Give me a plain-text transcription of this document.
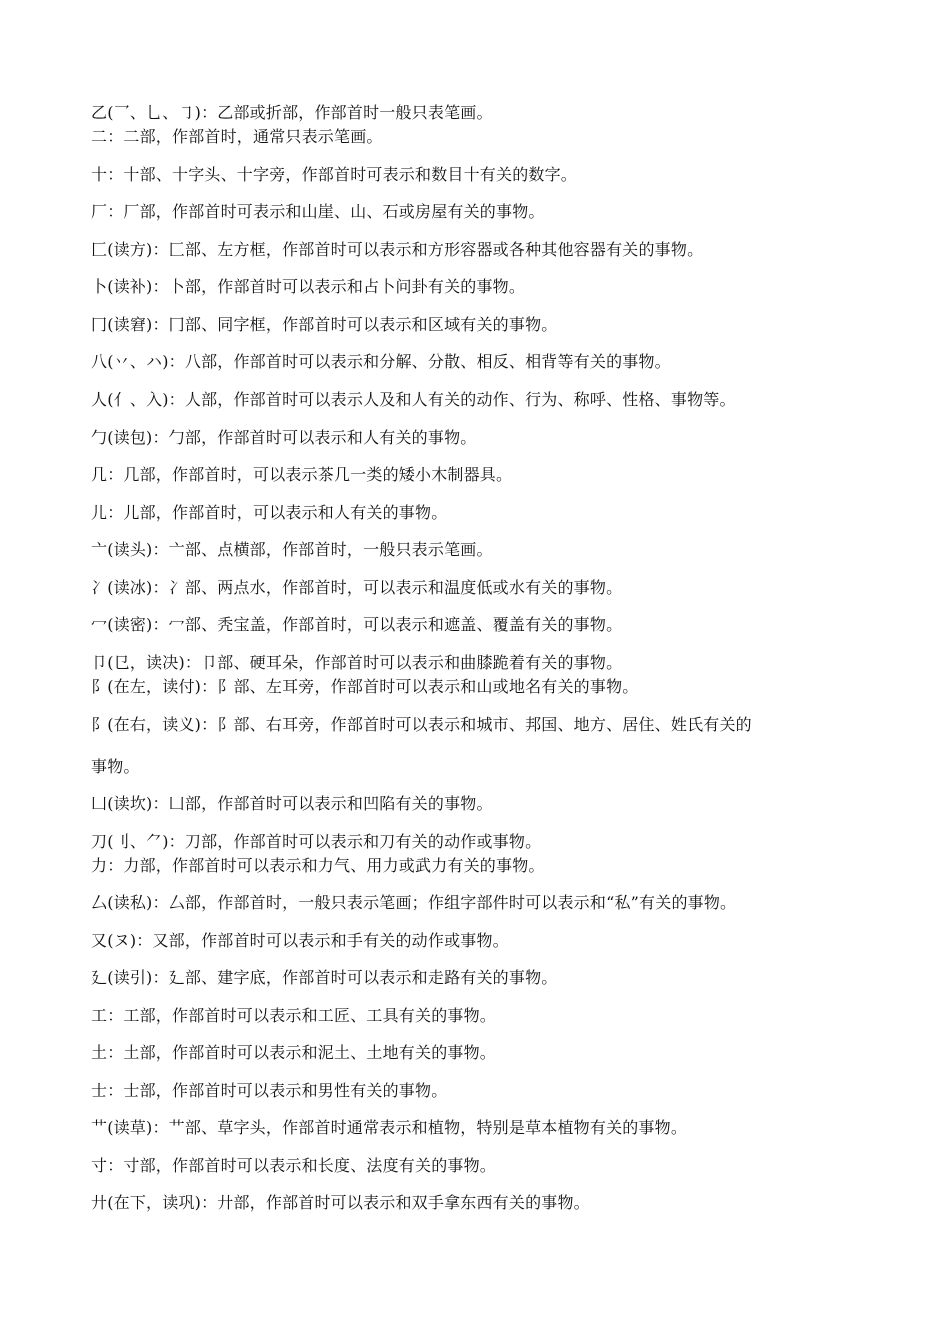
乙(乛、乚、㇆)：乙部或折部，作部首时一般只表笔画。
二：二部，作部首时，通常只表示笔画。
十：十部、十字头、十字旁，作部首时可表示和数目十有关的数字。
厂：厂部，作部首时可表示和山崖、山、石或房屋有关的事物。
匚(读方)：匚部、左方框，作部首时可以表示和方形容器或各种其他容器有关的事物。
卜(读补)：卜部，作部首时可以表示和占卜问卦有关的事物。
冂(读窘)：冂部、同字框，作部首时可以表示和区域有关的事物。
八(丷、ハ)：八部，作部首时可以表示和分解、分散、相反、相背等有关的事物。
人(亻、入)：人部，作部首时可以表示人及和人有关的动作、行为、称呼、性格、事物等。
勹(读包)：勹部，作部首时可以表示和人有关的事物。
几：几部，作部首时，可以表示茶几一类的矮小木制器具。
儿：儿部，作部首时，可以表示和人有关的事物。
亠(读头)：亠部、点横部，作部首时，一般只表示笔画。
冫(读冰)：冫部、两点水，作部首时，可以表示和温度低或水有关的事物。
冖(读密)：冖部、秃宝盖，作部首时，可以表示和遮盖、覆盖有关的事物。
卩(㔾，读决)：卩部、硬耳朵，作部首时可以表示和曲膝跪着有关的事物。
阝(在左，读付)：阝部、左耳旁，作部首时可以表示和山或地名有关的事物。
阝(在右，读义)：阝部、右耳旁，作部首时可以表示和城市、邦国、地方、居住、姓氏有关的
事物。
凵(读坎)：凵部，作部首时可以表示和凹陷有关的事物。
刀(刂、⺈)：刀部，作部首时可以表示和刀有关的动作或事物。
力：力部，作部首时可以表示和力气、用力或武力有关的事物。
厶(读私)：厶部，作部首时，一般只表示笔画；作组字部件时可以表示和“私”有关的事物。
又(ヌ)：又部，作部首时可以表示和手有关的动作或事物。
廴(读引)：廴部、建字底，作部首时可以表示和走路有关的事物。
工：工部，作部首时可以表示和工匠、工具有关的事物。
土：土部，作部首时可以表示和泥土、土地有关的事物。
士：士部，作部首时可以表示和男性有关的事物。
艹(读草)：艹部、草字头，作部首时通常表示和植物，特别是草本植物有关的事物。
寸：寸部，作部首时可以表示和长度、法度有关的事物。
廾(在下，读巩)：廾部，作部首时可以表示和双手拿东西有关的事物。
